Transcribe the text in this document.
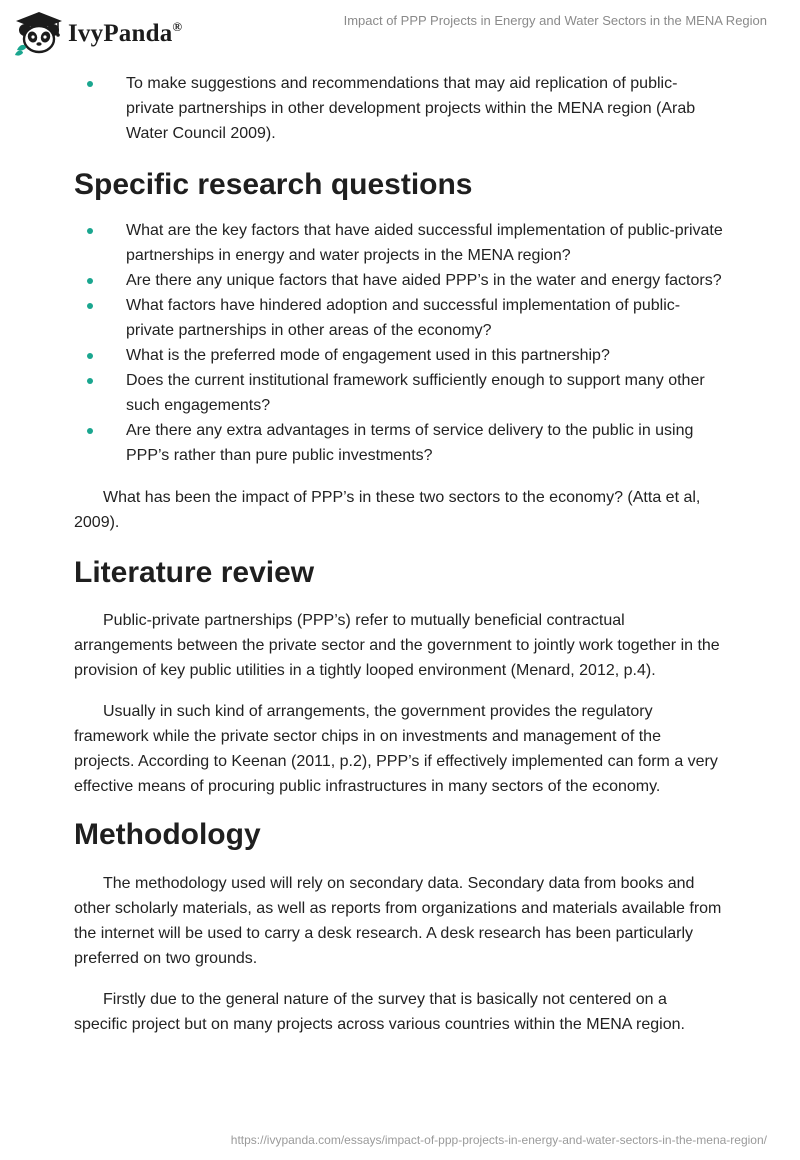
IvyPanda®	Impact of PPP Projects in Energy and Water Sectors in the MENA Region
To make suggestions and recommendations that may aid replication of public-private partnerships in other development projects within the MENA region (Arab Water Council 2009).
Specific research questions
What are the key factors that have aided successful implementation of public-private partnerships in energy and water projects in the MENA region?
Are there any unique factors that have aided PPP’s in the water and energy factors?
What factors have hindered adoption and successful implementation of public-private partnerships in other areas of the economy?
What is the preferred mode of engagement used in this partnership?
Does the current institutional framework sufficiently enough to support many other such engagements?
Are there any extra advantages in terms of service delivery to the public in using PPP’s rather than pure public investments?

What has been the impact of PPP’s in these two sectors to the economy? (Atta et al, 2009).

Literature review

Public-private partnerships (PPP’s) refer to mutually beneficial contractual arrangements between the private sector and the government to jointly work together in the provision of key public utilities in a tightly looped environment (Menard, 2012, p.4).

Usually in such kind of arrangements, the government provides the regulatory framework while the private sector chips in on investments and management of the projects. According to Keenan (2011, p.2), PPP’s if effectively implemented can form a very effective means of procuring public infrastructures in many sectors of the economy.

Methodology

The methodology used will rely on secondary data. Secondary data from books and other scholarly materials, as well as reports from organizations and materials available from the internet will be used to carry a desk research. A desk research has been particularly preferred on two grounds.

Firstly due to the general nature of the survey that is basically not centered on a specific project but on many projects across various countries within the MENA region.

https://ivypanda.com/essays/impact-of-ppp-projects-in-energy-and-water-sectors-in-the-mena-region/
